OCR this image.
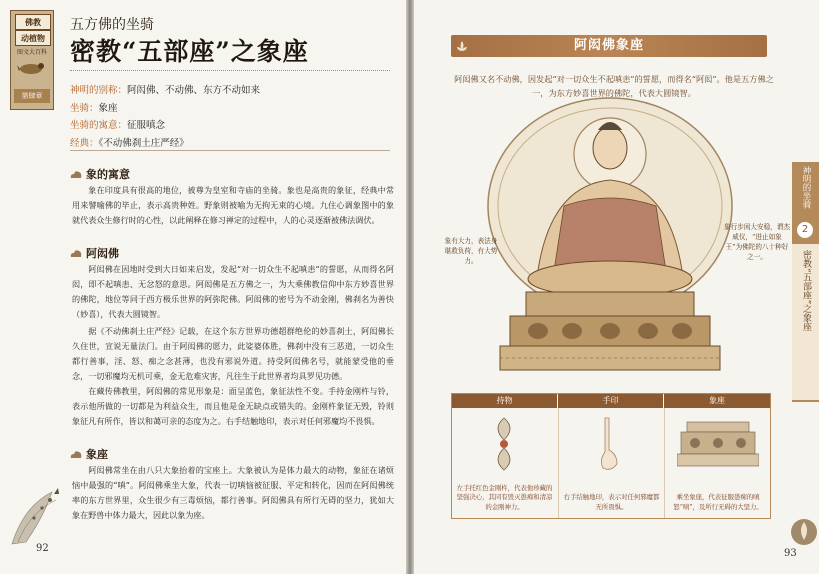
佛教
动植物
图文大百科
第肆章
五方佛的坐骑
密教“五部座”之象座
神明的别称：阿闳佛、不动佛、东方不动如来
坐骑：象座
坐骑的寓意：征服嗔念
经典：《不动佛刹土庄严经》
象的寓意

象在印度具有很高的地位，被尊为皇室和寺庙的坐骑。象也是高贵的象征，经典中常用来譬喻佛的毕止，表示高贵种姓。野象则被喻为无拘无束的心境。九住心调象图中的象就代表众生修行时的心性，以此阐释在修习禅定的过程中，人的心灵逐渐被佛法调伏。

阿闳佛

阿闳佛在因地时受到大日如来启发，发起“对一切众生不起嗔恚”的誓愿，从而得名阿闳，即不起嗔恚、无忿怒的意思。阿闳佛是五方佛之一，为大乘佛教信仰中东方妙喜世界的佛陀，地位等同于西方极乐世界的阿弥陀佛。阿闳佛的密号为不动金刚，佛刹名为善快（妙喜），代表大圆镜智。

据《不动佛刹土庄严经》记载，在这个东方世界功德超群绝伦的妙喜刹土，阿闳佛长久住世，宣说无量法门。由于阿闳佛的愿力，此娑婆体胜，佛刹中没有三恶道，一切众生都行善事，淫、怒、痴之念甚薄，也没有邪说外道。持受阿闳佛名号，就能蒙受他的垂念，一切邪魔均无机可乘，金无危难灾害，凡往生于此世界者均具罗见功德。

在藏传佛教里，阿闳佛的常见形象是：面呈蓝色，象征法性不变。手持金刚杵与铃，表示他所做的一切都是为利益众生，而且他是金无缺点或错失的。金刚杵象征无毁，铃则象征凡有所作，皆以和蔼可亲的态度为之。右手结触地印，表示对任何邪魔均不畏惧。

象座

阿闳佛常坐在由八只大象抬着的宝座上。大象被认为是体力最大的动物，象征在诸烦恼中最强的“嗔”。阿闳佛乘坐大象，代表一切嗔恼被征服、平定和转化，因而在阿闳佛统率的东方世界里，众生很少有三毒烦恼，都行善事。阿闳佛具有所行无碍的坚力，犹如大象在野兽中体力最大，因此以象为座。

92
阿闳佛象座

阿闳佛又名不动佛，因发起“对一切众生不起嗔恚”的誓愿，而得名“阿闳”。他是五方佛之一，为东方妙喜世界的佛陀，代表大圆镜智。

象有大力，表法身堪救负荷，有大势力。
象行步闲大安稳，谓杰威仪，“进止如象王”为佛陀的八十种好之一。
神明的坐骑
2
密教“五部座”之象座
持物	手印	象座
左手托红色金刚杵，代表他珍藏的坚强决心，其同有毁灭愚痴和清凉的金刚神力。
右手结触地印，表示对任何邪魔都无所畏惧。
乘坐象座，代表征服愚痴的嗔怒“嗔”，及所行无碍的大坚力。
93
